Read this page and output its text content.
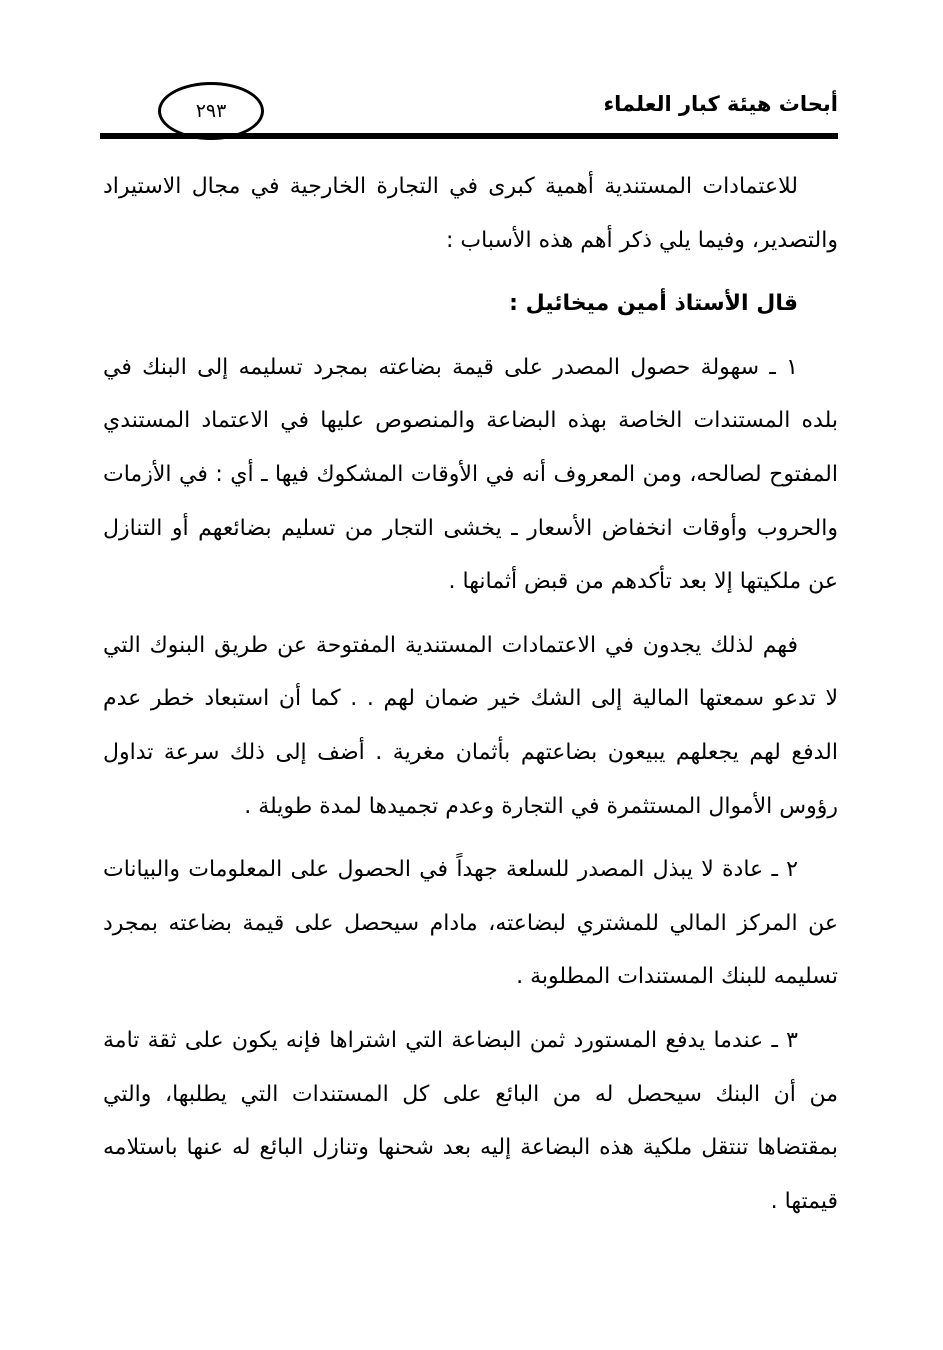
أبحاث هيئة كبار العلماء
٢٩٣

للاعتمادات المستندية أهمية كبرى في التجارة الخارجية في مجال الاستيراد والتصدير، وفيما يلي ذكر أهم هذه الأسباب :

قال الأستاذ أمين ميخائيل :

١ ـ سهولة حصول المصدر على قيمة بضاعته بمجرد تسليمه إلى البنك في بلده المستندات الخاصة بهذه البضاعة والمنصوص عليها في الاعتماد المستندي المفتوح لصالحه، ومن المعروف أنه في الأوقات المشكوك فيها ـ أي : في الأزمات والحروب وأوقات انخفاض الأسعار ـ يخشى التجار من تسليم بضائعهم أو التنازل عن ملكيتها إلا بعد تأكدهم من قبض أثمانها .

فهم لذلك يجدون في الاعتمادات المستندية المفتوحة عن طريق البنوك التي لا تدعو سمعتها المالية إلى الشك خير ضمان لهم . . كما أن استبعاد خطر عدم الدفع لهم يجعلهم يبيعون بضاعتهم بأثمان مغرية . أضف إلى ذلك سرعة تداول رؤوس الأموال المستثمرة في التجارة وعدم تجميدها لمدة طويلة .

٢ ـ عادة لا يبذل المصدر للسلعة جهداً في الحصول على المعلومات والبيانات عن المركز المالي للمشتري لبضاعته، مادام سيحصل على قيمة بضاعته بمجرد تسليمه للبنك المستندات المطلوبة .

٣ ـ عندما يدفع المستورد ثمن البضاعة التي اشتراها فإنه يكون على ثقة تامة من أن البنك سيحصل له من البائع على كل المستندات التي يطلبها، والتي بمقتضاها تنتقل ملكية هذه البضاعة إليه بعد شحنها وتنازل البائع له عنها باستلامه قيمتها .
